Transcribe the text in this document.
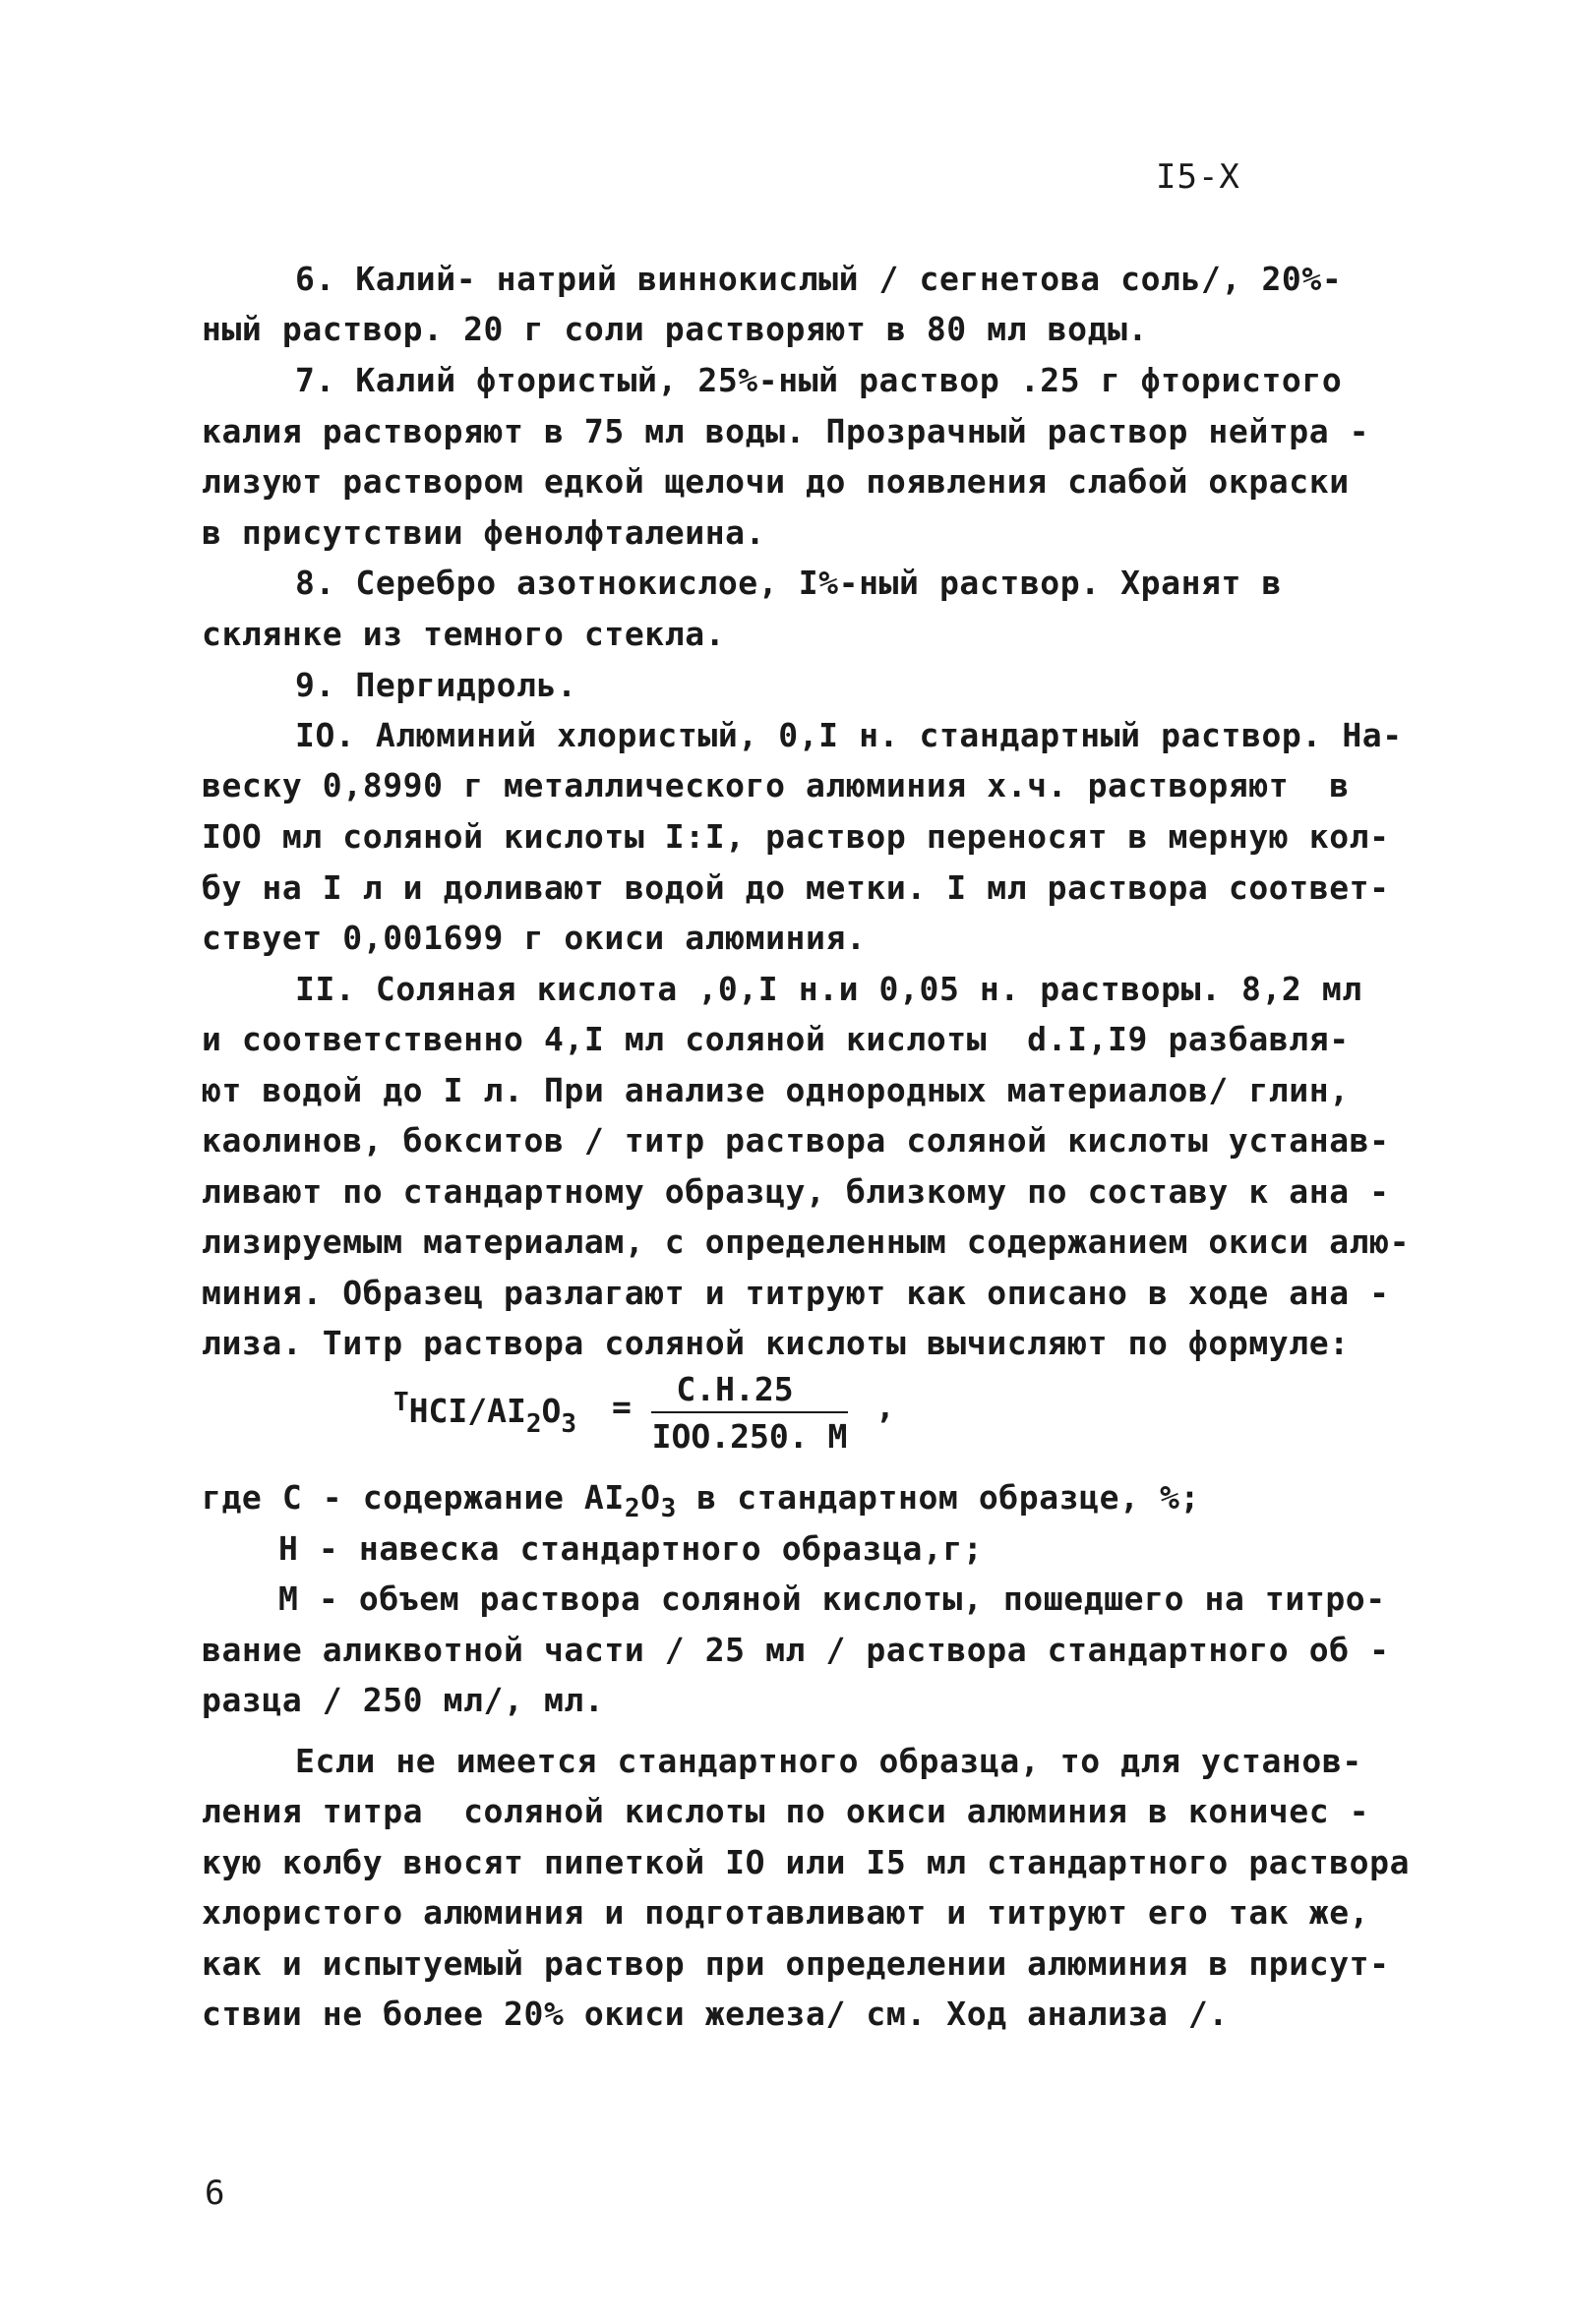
I5-X
6. Калий- натрий виннокислый / сегнетова соль/, 20%-
ный раствор. 20 г соли растворяют в 80 мл воды.
7. Калий фтористый, 25%-ный раствор .25 г фтористого
калия растворяют в 75 мл воды. Прозрачный раствор нейтра -
лизуют раствором едкой щелочи до появления слабой окраски
в присутствии фенолфталеина.
8. Серебро азотнокислое, I%-ный раствор. Хранят в
склянке из темного стекла.
9. Пергидроль.
IO. Алюминий хлористый, 0,I н. стандартный раствор. На-
веску 0,8990 г металлического алюминия х.ч. растворяют  в
IOO мл соляной кислоты I:I, раствор переносят в мерную кол-
бу на I л и доливают водой до метки. I мл раствора соответ-
ствует 0,001699 г окиси алюминия.
II. Соляная кислота ,0,I н.и 0,05 н. растворы. 8,2 мл
и соответственно 4,I мл соляной кислоты  d.I,I9 разбавля-
ют водой до I л. При анализе однородных материалов/ глин,
каолинов, бокситов / титр раствора соляной кислоты устанав-
ливают по стандартному образцу, близкому по составу к ана -
лизируемым материалам, с определенным содержанием окиси алю-
миния. Образец разлагают и титруют как описано в ходе ана -
лиза. Титр раствора соляной кислоты вычисляют по формуле:
$^THCI/AI_2O_3$ =	С.Н.25
IOO.250. М
,
где С - содержание $AI_2O_3$ в стандартном образце, %;
Н - навеска стандартного образца,г;
М - объем раствора соляной кислоты, пошедшего на титро-
вание аликвотной части / 25 мл / раствора стандартного об -
разца / 250 мл/, мл.
Если не имеется стандартного образца, то для установ-
ления титра  соляной кислоты по окиси алюминия в коничес -
кую колбу вносят пипеткой IO или I5 мл стандартного раствора
хлористого алюминия и подготавливают и титруют его так же,
как и испытуемый раствор при определении алюминия в присут-
ствии не более 20% окиси железа/ см. Ход анализа /.
6
